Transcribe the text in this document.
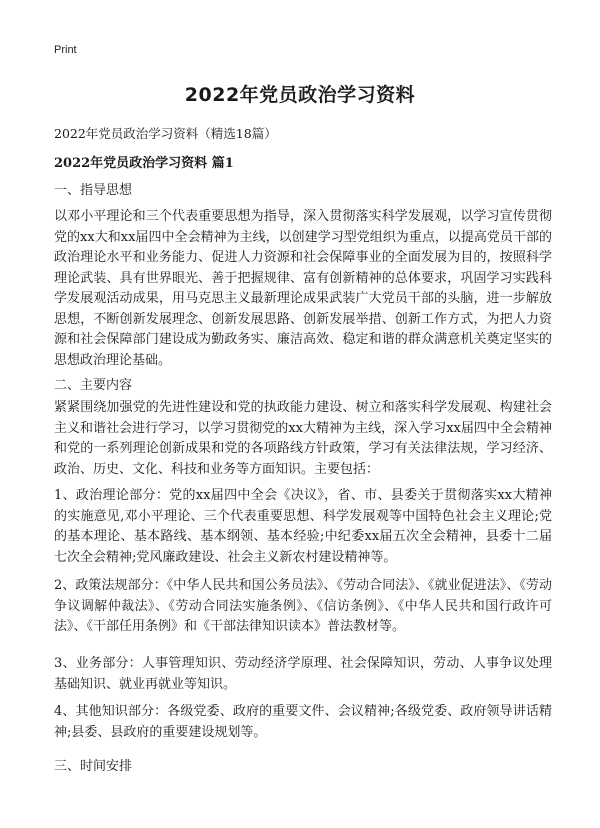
Print
2022年党员政治学习资料
2022年党员政治学习资料（精选18篇）
2022年党员政治学习资料 篇1
一、指导思想
以邓小平理论和三个代表重要思想为指导，深入贯彻落实科学发展观，以学习宣传贯彻党的xx大和xx届四中全会精神为主线，以创建学习型党组织为重点，以提高党员干部的政治理论水平和业务能力、促进人力资源和社会保障事业的全面发展为目的，按照科学理论武装、具有世界眼光、善于把握规律、富有创新精神的总体要求，巩固学习实践科学发展观活动成果，用马克思主义最新理论成果武装广大党员干部的头脑，进一步解放思想，不断创新发展理念、创新发展思路、创新发展举措、创新工作方式，为把人力资源和社会保障部门建设成为勤政务实、廉洁高效、稳定和谐的群众满意机关奠定坚实的思想政治理论基础。
二、主要内容
紧紧围绕加强党的先进性建设和党的执政能力建设、树立和落实科学发展观、构建社会主义和谐社会进行学习，以学习贯彻党的xx大精神为主线，深入学习xx届四中全会精神和党的一系列理论创新成果和党的各项路线方针政策，学习有关法律法规，学习经济、政治、历史、文化、科技和业务等方面知识。主要包括：
1、政治理论部分：党的xx届四中全会《决议》，省、市、县委关于贯彻落实xx大精神的实施意见,邓小平理论、三个代表重要思想、科学发展观等中国特色社会主义理论;党的基本理论、基本路线、基本纲领、基本经验;中纪委xx届五次全会精神，县委十二届七次全会精神;党风廉政建设、社会主义新农村建设精神等。
2、政策法规部分：《中华人民共和国公务员法》、《劳动合同法》、《就业促进法》、《劳动争议调解仲裁法》、《劳动合同法实施条例》、《信访条例》、《中华人民共和国行政许可法》、《干部任用条例》和《干部法律知识读本》普法教材等。
3、业务部分：人事管理知识、劳动经济学原理、社会保障知识，劳动、人事争议处理基础知识、就业再就业等知识。
4、其他知识部分：各级党委、政府的重要文件、会议精神;各级党委、政府领导讲话精神;县委、县政府的重要建设规划等。
三、时间安排
